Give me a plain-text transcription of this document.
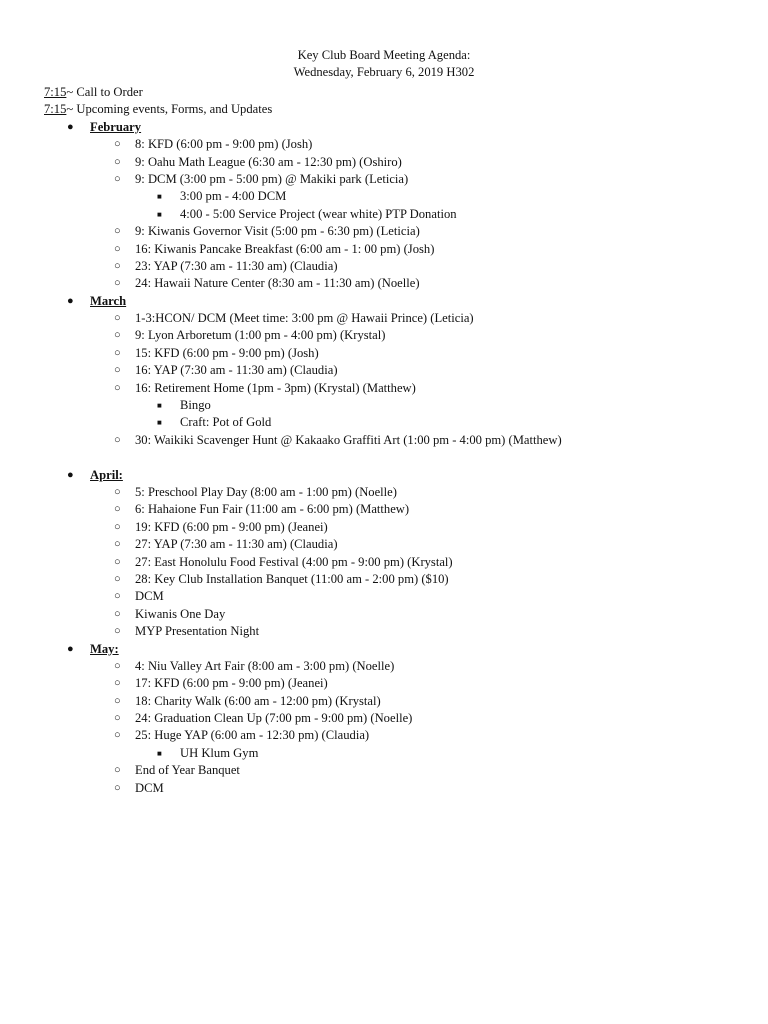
Key Club Board Meeting Agenda:
Wednesday, February 6, 2019 H302
7:15~ Call to Order
7:15~ Upcoming events, Forms, and Updates
● February
○ 8: KFD (6:00 pm - 9:00 pm) (Josh)
○ 9: Oahu Math League (6:30 am - 12:30 pm) (Oshiro)
○ 9: DCM (3:00 pm - 5:00 pm) @ Makiki park (Leticia)
■ 3:00 pm - 4:00 DCM
■ 4:00 - 5:00 Service Project (wear white) PTP Donation
○ 9: Kiwanis Governor Visit (5:00 pm - 6:30 pm) (Leticia)
○ 16: Kiwanis Pancake Breakfast (6:00 am - 1: 00 pm) (Josh)
○ 23: YAP (7:30 am - 11:30 am) (Claudia)
○ 24: Hawaii Nature Center (8:30 am - 11:30 am) (Noelle)
● March
○ 1-3:HCON/ DCM (Meet time: 3:00 pm @ Hawaii Prince) (Leticia)
○ 9: Lyon Arboretum (1:00 pm - 4:00 pm) (Krystal)
○ 15: KFD (6:00 pm - 9:00 pm) (Josh)
○ 16: YAP (7:30 am - 11:30 am) (Claudia)
○ 16: Retirement Home (1pm - 3pm) (Krystal) (Matthew)
■ Bingo
■ Craft: Pot of Gold
○ 30: Waikiki Scavenger Hunt @ Kakaako Graffiti Art (1:00 pm - 4:00 pm) (Matthew)
● April:
○ 5: Preschool Play Day (8:00 am - 1:00 pm) (Noelle)
○ 6: Hahaione Fun Fair (11:00 am - 6:00 pm) (Matthew)
○ 19: KFD (6:00 pm - 9:00 pm) (Jeanei)
○ 27: YAP (7:30 am - 11:30 am) (Claudia)
○ 27: East Honolulu Food Festival (4:00 pm - 9:00 pm) (Krystal)
○ 28: Key Club Installation Banquet (11:00 am - 2:00 pm) ($10)
○ DCM
○ Kiwanis One Day
○ MYP Presentation Night
● May:
○ 4: Niu Valley Art Fair (8:00 am - 3:00 pm) (Noelle)
○ 17: KFD (6:00 pm - 9:00 pm) (Jeanei)
○ 18: Charity Walk (6:00 am - 12:00 pm) (Krystal)
○ 24: Graduation Clean Up (7:00 pm - 9:00 pm) (Noelle)
○ 25: Huge YAP (6:00 am - 12:30 pm) (Claudia)
■ UH Klum Gym
○ End of Year Banquet
○ DCM
